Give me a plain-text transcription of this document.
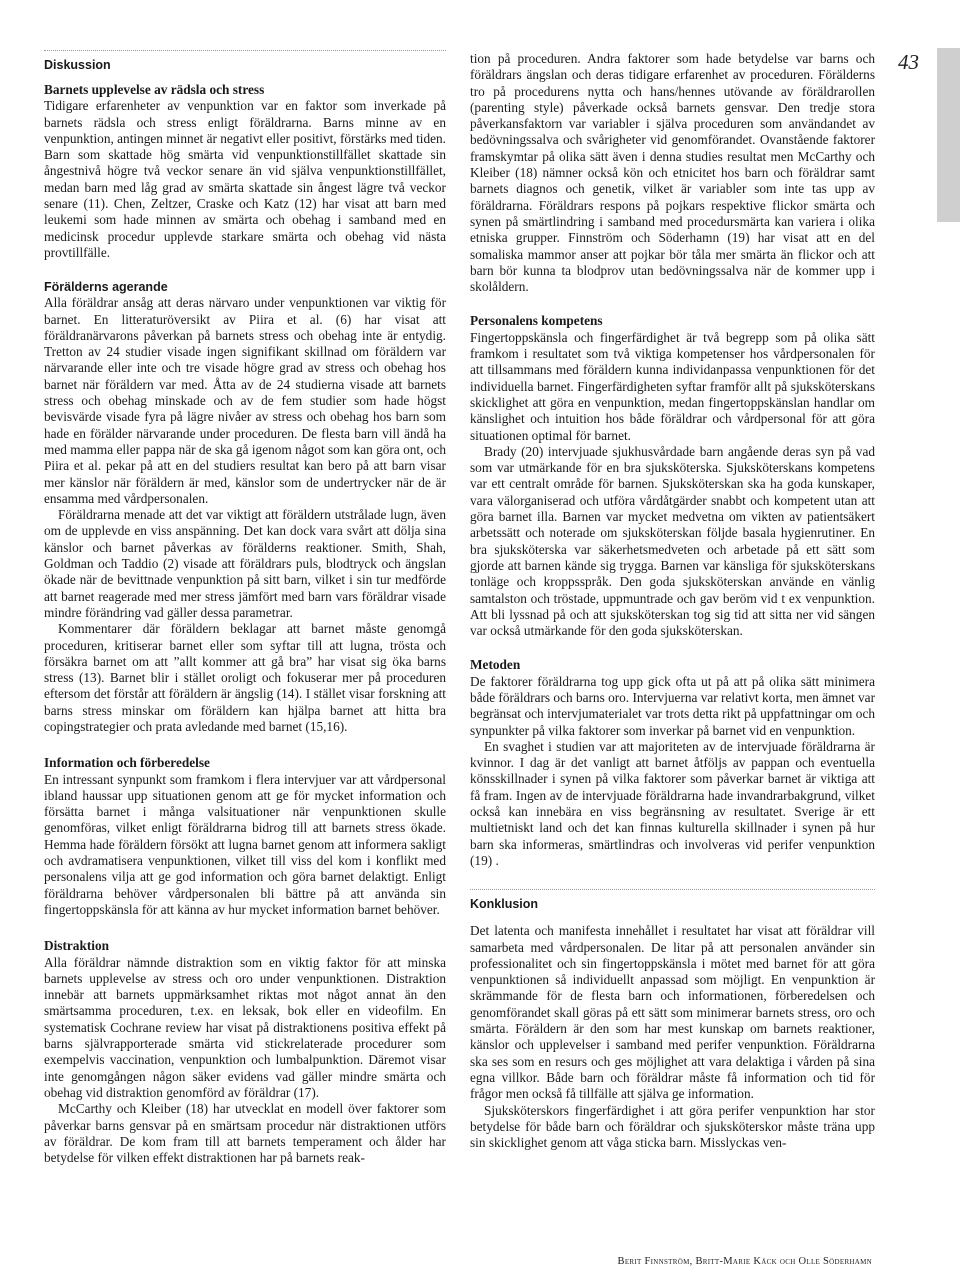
43
Diskussion
Barnets upplevelse av rädsla och stress

Tidigare erfarenheter av venpunktion var en faktor som inverkade på barnets rädsla och stress enligt föräldrarna. Barns minne av en venpunktion, antingen minnet är negativt eller positivt, förstärks med tiden. Barn som skattade hög smärta vid venpunktionstillfället skattade sin ångestnivå högre två veckor senare än vid själva venpunktionstillfället, medan barn med låg grad av smärta skattade sin ångest lägre två veckor senare (11). Chen, Zeltzer, Craske och Katz (12) har visat att barn med leukemi som hade minnen av smärta och obehag i samband med en medicinsk procedur upplevde starkare smärta och obehag vid nästa provtillfälle.

Förälderns agerande

Alla föräldrar ansåg att deras närvaro under venpunktionen var viktig för barnet. En litteraturöversikt av Piira et al. (6) har visat att föräldranärvarons påverkan på barnets stress och obehag inte är entydig. Tretton av 24 studier visade ingen signifikant skillnad om föräldern var närvarande eller inte och tre visade högre grad av stress och obehag hos barnet när föräldern var med. Åtta av de 24 studierna visade att barnets stress och obehag minskade och av de fem studier som hade högst bevisvärde visade fyra på lägre nivåer av stress och obehag hos barn som hade en förälder närvarande under proceduren. De flesta barn vill ändå ha med mamma eller pappa när de ska gå igenom något som kan göra ont, och Piira et al. pekar på att en del studiers resultat kan bero på att barn visar mer känslor när föräldern är med, känslor som de undertrycker när de är ensamma med vårdpersonalen.

Föräldrarna menade att det var viktigt att föräldern utstrålade lugn, även om de upplevde en viss anspänning. Det kan dock vara svårt att dölja sina känslor och barnet påverkas av förälderns reaktioner. Smith, Shah, Goldman och Taddio (2) visade att föräldrars puls, blodtryck och ängslan ökade när de bevittnade venpunktion på sitt barn, vilket i sin tur medförde att barnet reagerade med mer stress jämfört med barn vars föräldrar visade mindre förändring vad gäller dessa parametrar.

Kommentarer där föräldern beklagar att barnet måste genomgå proceduren, kritiserar barnet eller som syftar till att lugna, trösta och försäkra barnet om att ”allt kommer att gå bra” har visat sig öka barns stress (13). Barnet blir i stället oroligt och fokuserar mer på proceduren eftersom det förstår att föräldern är ängslig (14). I stället visar forskning att barns stress minskar om föräldern kan hjälpa barnet att hitta bra copingstrategier och prata avledande med barnet (15,16).

Information och förberedelse

En intressant synpunkt som framkom i flera intervjuer var att vårdpersonal ibland haussar upp situationen genom att ge för mycket information och försätta barnet i många valsituationer när venpunktionen skulle genomföras, vilket enligt föräldrarna bidrog till att barnets stress ökade. Hemma hade föräldern försökt att lugna barnet genom att informera sakligt och avdramatisera venpunktionen, vilket till viss del kom i konflikt med personalens vilja att ge god information och göra barnet delaktigt. Enligt föräldrarna behöver vårdpersonalen bli bättre på att använda sin fingertoppskänsla för att känna av hur mycket information barnet behöver.

Distraktion

Alla föräldrar nämnde distraktion som en viktig faktor för att minska barnets upplevelse av stress och oro under venpunktionen. Distraktion innebär att barnets uppmärksamhet riktas mot något annat än den smärtsamma proceduren, t.ex. en leksak, bok eller en videofilm. En systematisk Cochrane review har visat på distraktionens positiva effekt på barns självrapporterade smärta vid stickrelaterade procedurer som exempelvis vaccination, venpunktion och lumbalpunktion. Däremot visar inte genomgången någon säker evidens vad gäller mindre smärta och obehag vid distraktion genomförd av föräldrar (17).

McCarthy och Kleiber (18) har utvecklat en modell över faktorer som påverkar barns gensvar på en smärtsam procedur när distraktionen utförs av föräldrar. De kom fram till att barnets temperament och ålder har betydelse för vilken effekt distraktionen har på barnets reak-

tion på proceduren. Andra faktorer som hade betydelse var barns och föräldrars ängslan och deras tidigare erfarenhet av proceduren. Förälderns tro på procedurens nytta och hans/hennes utövande av föräldrarollen (parenting style) påverkade också barnets gensvar. Den tredje stora påverkansfaktorn var variabler i själva proceduren som användandet av bedövningssalva och svårigheter vid genomförandet. Ovanstående faktorer framskymtar på olika sätt även i denna studies resultat men McCarthy och Kleiber (18) nämner också kön och etnicitet hos barn och föräldrar samt barnets diagnos och genetik, vilket är variabler som inte tas upp av föräldrarna. Föräldrars respons på pojkars respektive flickor smärta och synen på smärtlindring i samband med procedursmärta kan variera i olika etniska grupper. Finnström och Söderhamn (19) har visat att en del somaliska mammor anser att pojkar bör tåla mer smärta än flickor och att barn bör kunna ta blodprov utan bedövningssalva när de kommer upp i skolåldern.

Personalens kompetens

Fingertoppskänsla och fingerfärdighet är två begrepp som på olika sätt framkom i resultatet som två viktiga kompetenser hos vårdpersonalen för att tillsammans med föräldern kunna individanpassa venpunktionen för det individuella barnet. Fingerfärdigheten syftar framför allt på sjuksköterskans skicklighet att göra en venpunktion, medan fingertoppskänslan handlar om känslighet och intuition hos både föräldrar och vårdpersonal för att göra situationen optimal för barnet.

Brady (20) intervjuade sjukhusvårdade barn angående deras syn på vad som var utmärkande för en bra sjuksköterska. Sjuksköterskans kompetens var ett centralt område för barnen. Sjuksköterskan ska ha goda kunskaper, vara välorganiserad och utföra vårdåtgärder snabbt och kompetent utan att göra barnet illa. Barnen var mycket medvetna om vikten av patientsäkert arbetssätt och noterade om sjuksköterskan följde basala hygienrutiner. En bra sjuksköterska var säkerhetsmedveten och arbetade på ett sätt som gjorde att barnen kände sig trygga. Barnen var känsliga för sjuksköterskans tonläge och kroppsspråk. Den goda sjuksköterskan använde en vänlig samtalston och tröstade, uppmuntrade och gav beröm vid t ex venpunktion. Att bli lyssnad på och att sjuksköterskan tog sig tid att sitta ner vid sängen var också utmärkande för den goda sjuksköterskan.

Metoden

De faktorer föräldrarna tog upp gick ofta ut på att på olika sätt minimera både föräldrars och barns oro. Intervjuerna var relativt korta, men ämnet var begränsat och intervjumaterialet var trots detta rikt på uppfattningar om och synpunkter på vilka faktorer som inverkar på barnet vid en venpunktion.

En svaghet i studien var att majoriteten av de intervjuade föräldrarna är kvinnor. I dag är det vanligt att barnet åtföljs av pappan och eventuella könsskillnader i synen på vilka faktorer som påverkar barnet är viktiga att få fram. Ingen av de intervjuade föräldrarna hade invandrarbakgrund, vilket också kan innebära en viss begränsning av resultatet. Sverige är ett multietniskt land och det kan finnas kulturella skillnader i synen på hur barn ska informeras, smärtlindras och involveras vid perifer venpunktion (19) .

Konklusion

Det latenta och manifesta innehållet i resultatet har visat att föräldrar vill samarbeta med vårdpersonalen. De litar på att personalen använder sin professionalitet och sin fingertoppskänsla i mötet med barnet för att göra venpunktionen så individuellt anpassad som möjligt. En venpunktion är skrämmande för de flesta barn och informationen, förberedelsen och genomförandet skall göras på ett sätt som minimerar barnets stress, oro och smärta. Föräldern är den som har mest kunskap om barnets reaktioner, känslor och upplevelser i samband med perifer venpunktion. Föräldrarna ska ses som en resurs och ges möjlighet att vara delaktiga i vården på sina egna villkor. Både barn och föräldrar måste få information och tid för frågor men också få tillfälle att själva ge information.

Sjuksköterskors fingerfärdighet i att göra perifer venpunktion har stor betydelse för både barn och föräldrar och sjuksköterskor måste träna upp sin skicklighet genom att våga sticka barn. Misslyckas ven-

Berit Finnström, Britt-Marie Käck och Olle Söderhamn
